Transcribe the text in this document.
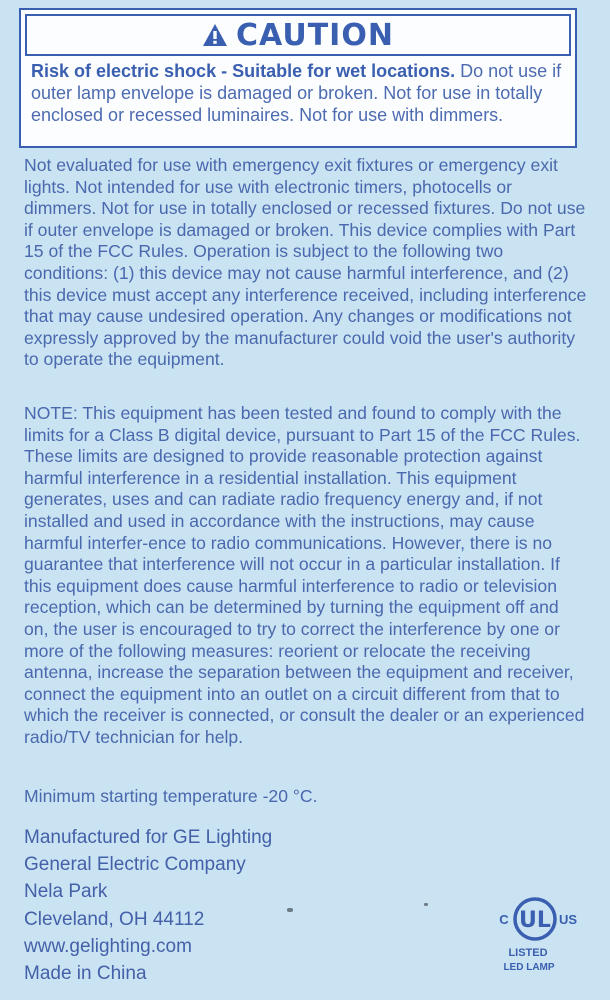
CAUTION
Risk of electric shock - Suitable for wet locations. Do not use if outer lamp envelope is damaged or broken. Not for use in totally enclosed or recessed luminaires. Not for use with dimmers.

Not evaluated for use with emergency exit fixtures or emergency exit lights. Not intended for use with electronic timers, photocells or dimmers. Not for use in totally enclosed or recessed fixtures. Do not use if outer envelope is damaged or broken. This device complies with Part 15 of the FCC Rules. Operation is subject to the following two conditions: (1) this device may not cause harmful interference, and (2) this device must accept any interference received, including interference that may cause undesired operation. Any changes or modifications not expressly approved by the manufacturer could void the user's authority to operate the equipment.

NOTE: This equipment has been tested and found to comply with the limits for a Class B digital device, pursuant to Part 15 of the FCC Rules. These limits are designed to provide reasonable protection against harmful interference in a residential installation. This equipment generates, uses and can radiate radio frequency energy and, if not installed and used in accordance with the instructions, may cause harmful interfer-ence to radio communications. However, there is no guarantee that interference will not occur in a particular installation. If this equipment does cause harmful interference to radio or television reception, which can be determined by turning the equipment off and on, the user is encouraged to try to correct the interference by one or more of the following measures: reorient or relocate the receiving antenna, increase the separation between the equipment and receiver, connect the equipment into an outlet on a circuit different from that to which the receiver is connected, or consult the dealer or an experienced radio/TV technician for help.

Minimum starting temperature -20 °C.

Manufactured for GE Lighting
General Electric Company
Nela Park
Cleveland, OH 44112
www.gelighting.com
Made in China
UL
C	US
LISTED
LED LAMP
